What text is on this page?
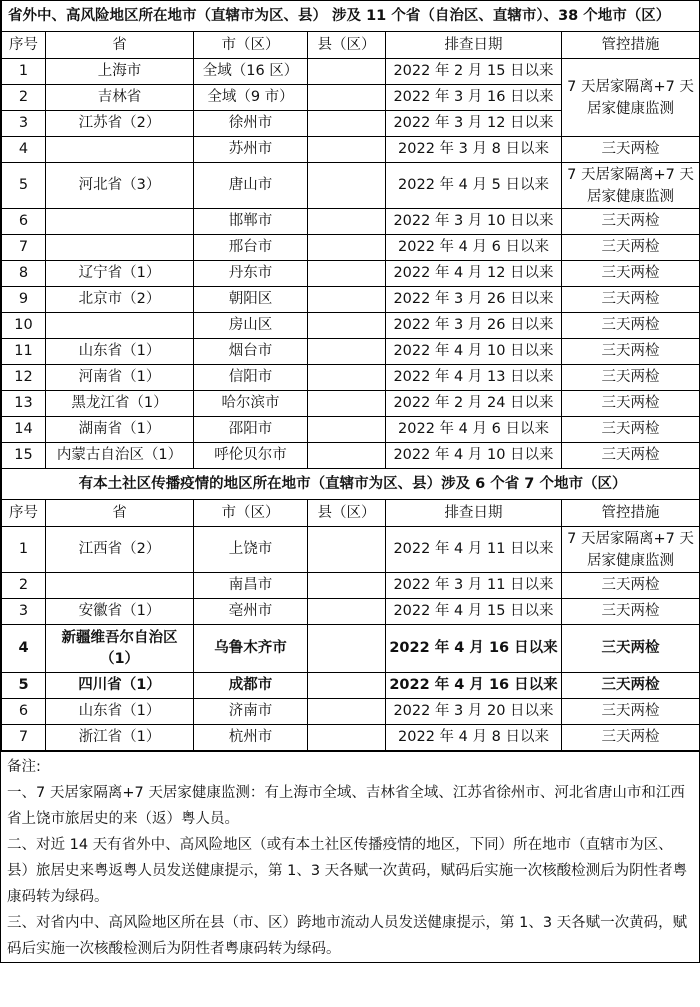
省外中、高风险地区所在地市（直辖市为区、县） 涉及 11 个省（自治区、直辖市）、38 个地市（区）					
序号	省	市（区）	县（区）	排查日期	管控措施
1	上海市	全域（16 区）		2022 年 2 月 15 日以来	7 天居家隔离+7 天居家健康监测
2	吉林省	全域（9 市）		2022 年 3 月 16 日以来	
3	江苏省（2）	徐州市		2022 年 3 月 12 日以来	
4		苏州市		2022 年 3 月 8 日以来	三天两检
5	河北省（3）	唐山市		2022 年 4 月 5 日以来	7 天居家隔离+7 天居家健康监测
6		邯郸市		2022 年 3 月 10 日以来	三天两检
7		邢台市		2022 年 4 月 6 日以来	三天两检
8	辽宁省（1）	丹东市		2022 年 4 月 12 日以来	三天两检
9	北京市（2）	朝阳区		2022 年 3 月 26 日以来	三天两检
10		房山区		2022 年 3 月 26 日以来	三天两检
11	山东省（1）	烟台市		2022 年 4 月 10 日以来	三天两检
12	河南省（1）	信阳市		2022 年 4 月 13 日以来	三天两检
13	黑龙江省（1）	哈尔滨市		2022 年 2 月 24 日以来	三天两检
14	湖南省（1）	邵阳市		2022 年 4 月 6 日以来	三天两检
15	内蒙古自治区（1）	呼伦贝尔市		2022 年 4 月 10 日以来	三天两检
有本土社区传播疫情的地区所在地市（直辖市为区、县）涉及 6 个省 7 个地市（区）					
序号	省	市（区）	县（区）	排查日期	管控措施
1	江西省（2）	上饶市		2022 年 4 月 11 日以来	7 天居家隔离+7 天居家健康监测
2		南昌市		2022 年 3 月 11 日以来	三天两检
3	安徽省（1）	亳州市		2022 年 4 月 15 日以来	三天两检
4	新疆维吾尔自治区（1）	乌鲁木齐市		2022 年 4 月 16 日以来	三天两检
5	四川省（1）	成都市		2022 年 4 月 16 日以来	三天两检
6	山东省（1）	济南市		2022 年 3 月 20 日以来	三天两检
7	浙江省（1）	杭州市		2022 年 4 月 8 日以来	三天两检

备注:

一、7 天居家隔离+7 天居家健康监测：有上海市全域、吉林省全域、江苏省徐州市、河北省唐山市和江西省上饶市旅居史的来（返）粤人员。

二、对近 14 天有省外中、高风险地区（或有本土社区传播疫情的地区，下同）所在地市（直辖市为区、县）旅居史来粤返粤人员发送健康提示，第 1、3 天各赋一次黄码，赋码后实施一次核酸检测后为阴性者粤康码转为绿码。

三、对省内中、高风险地区所在县（市、区）跨地市流动人员发送健康提示，第 1、3 天各赋一次黄码，赋码后实施一次核酸检测后为阴性者粤康码转为绿码。
